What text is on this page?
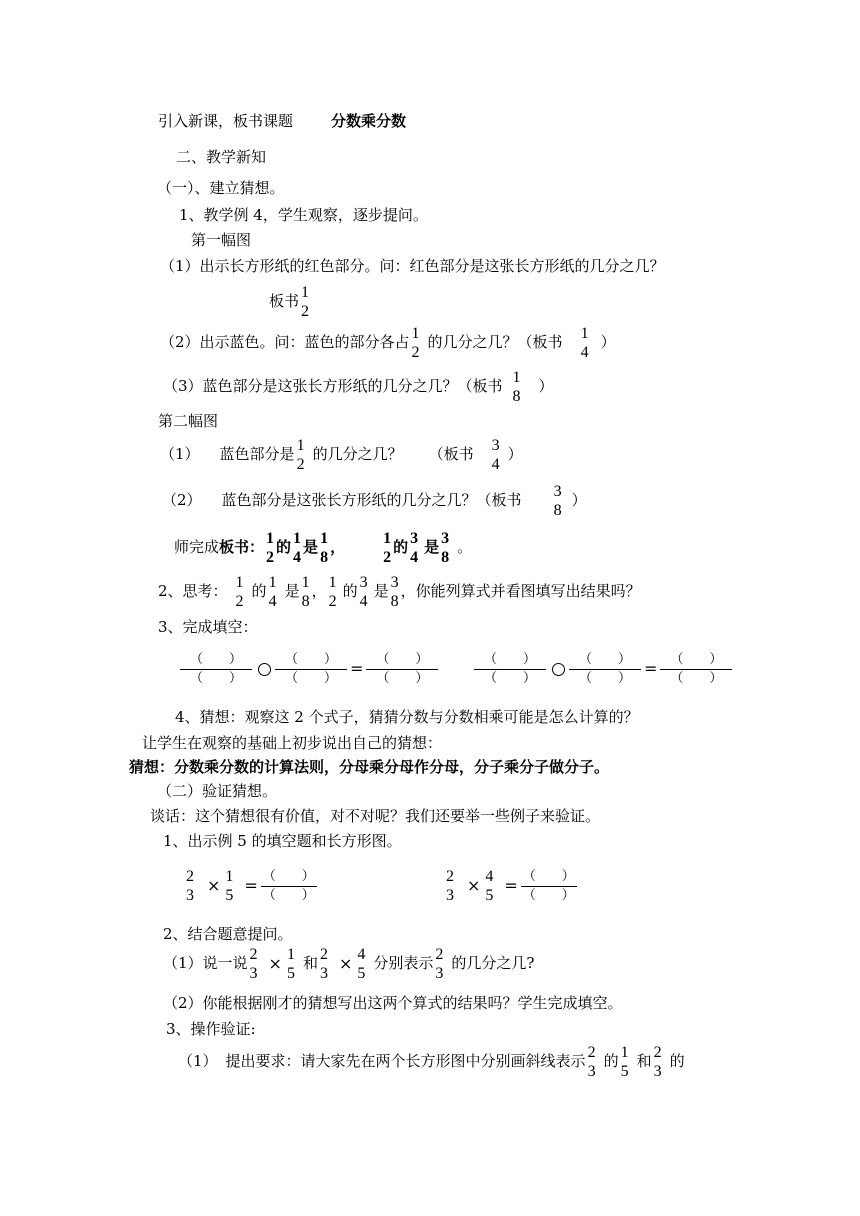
引入新课，板书课题	分数乘分数
二、教学新知
（一）、建立猜想。
1、教学例 4，学生观察，逐步提问。
第一幅图
（1）出示长方形纸的红色部分。问：红色部分是这张长方形纸的几分之几？
板书 1
2
（2）出示蓝色。问：蓝色的部分各占 1
2
的几分之几？（板书 1
4
）
（3）蓝色部分是这张长方形纸的几分之几？（板书 1
8
）
第二幅图
（1） 蓝色部分是 1
2
的几分之几？ （板书 3
4
）
（2） 蓝色部分是这张长方形纸的几分之几？（板书 3
8
）
师完成板书： 1
2
的 1
4
是 1
8
， 1
2
的 3
4
是 3
8
。
2、思考： 1
2
的 1
4
是 1
8
， 1
2
的 3
4
是 3
8
，你能列算式并看图填写出结果吗？
3、完成填空：
（　　）
（　　）
（　　）
（　　） = （　　）
（　　）
（　　）
（　　）
（　　）
（　　） = （　　）
（　　）
4、猜想：观察这 2 个式子，猜猜分数与分数相乘可能是怎么计算的？
让学生在观察的基础上初步说出自己的猜想：
猜想：分数乘分数的计算法则，分母乘分母作分母，分子乘分子做分子。
（二）验证猜想。
谈话：这个猜想很有价值，对不对呢？我们还要举一些例子来验证。
1、出示例 5 的填空题和长方形图。
2
3
× 1
5
= （　　）
（　　）
2
3
× 4
5
= （　　）
（　　）
2、结合题意提问。
（1）说一说 2
3
× 1
5
和 2
3
× 4
5
分别表示 2
3
的几分之几?
（2）你能根据刚才的猜想写出这两个算式的结果吗？学生完成填空。
3、操作验证:
（1） 提出要求：请大家先在两个长方形图中分别画斜线表示 2
3
的 1
5
和 2
3
的
